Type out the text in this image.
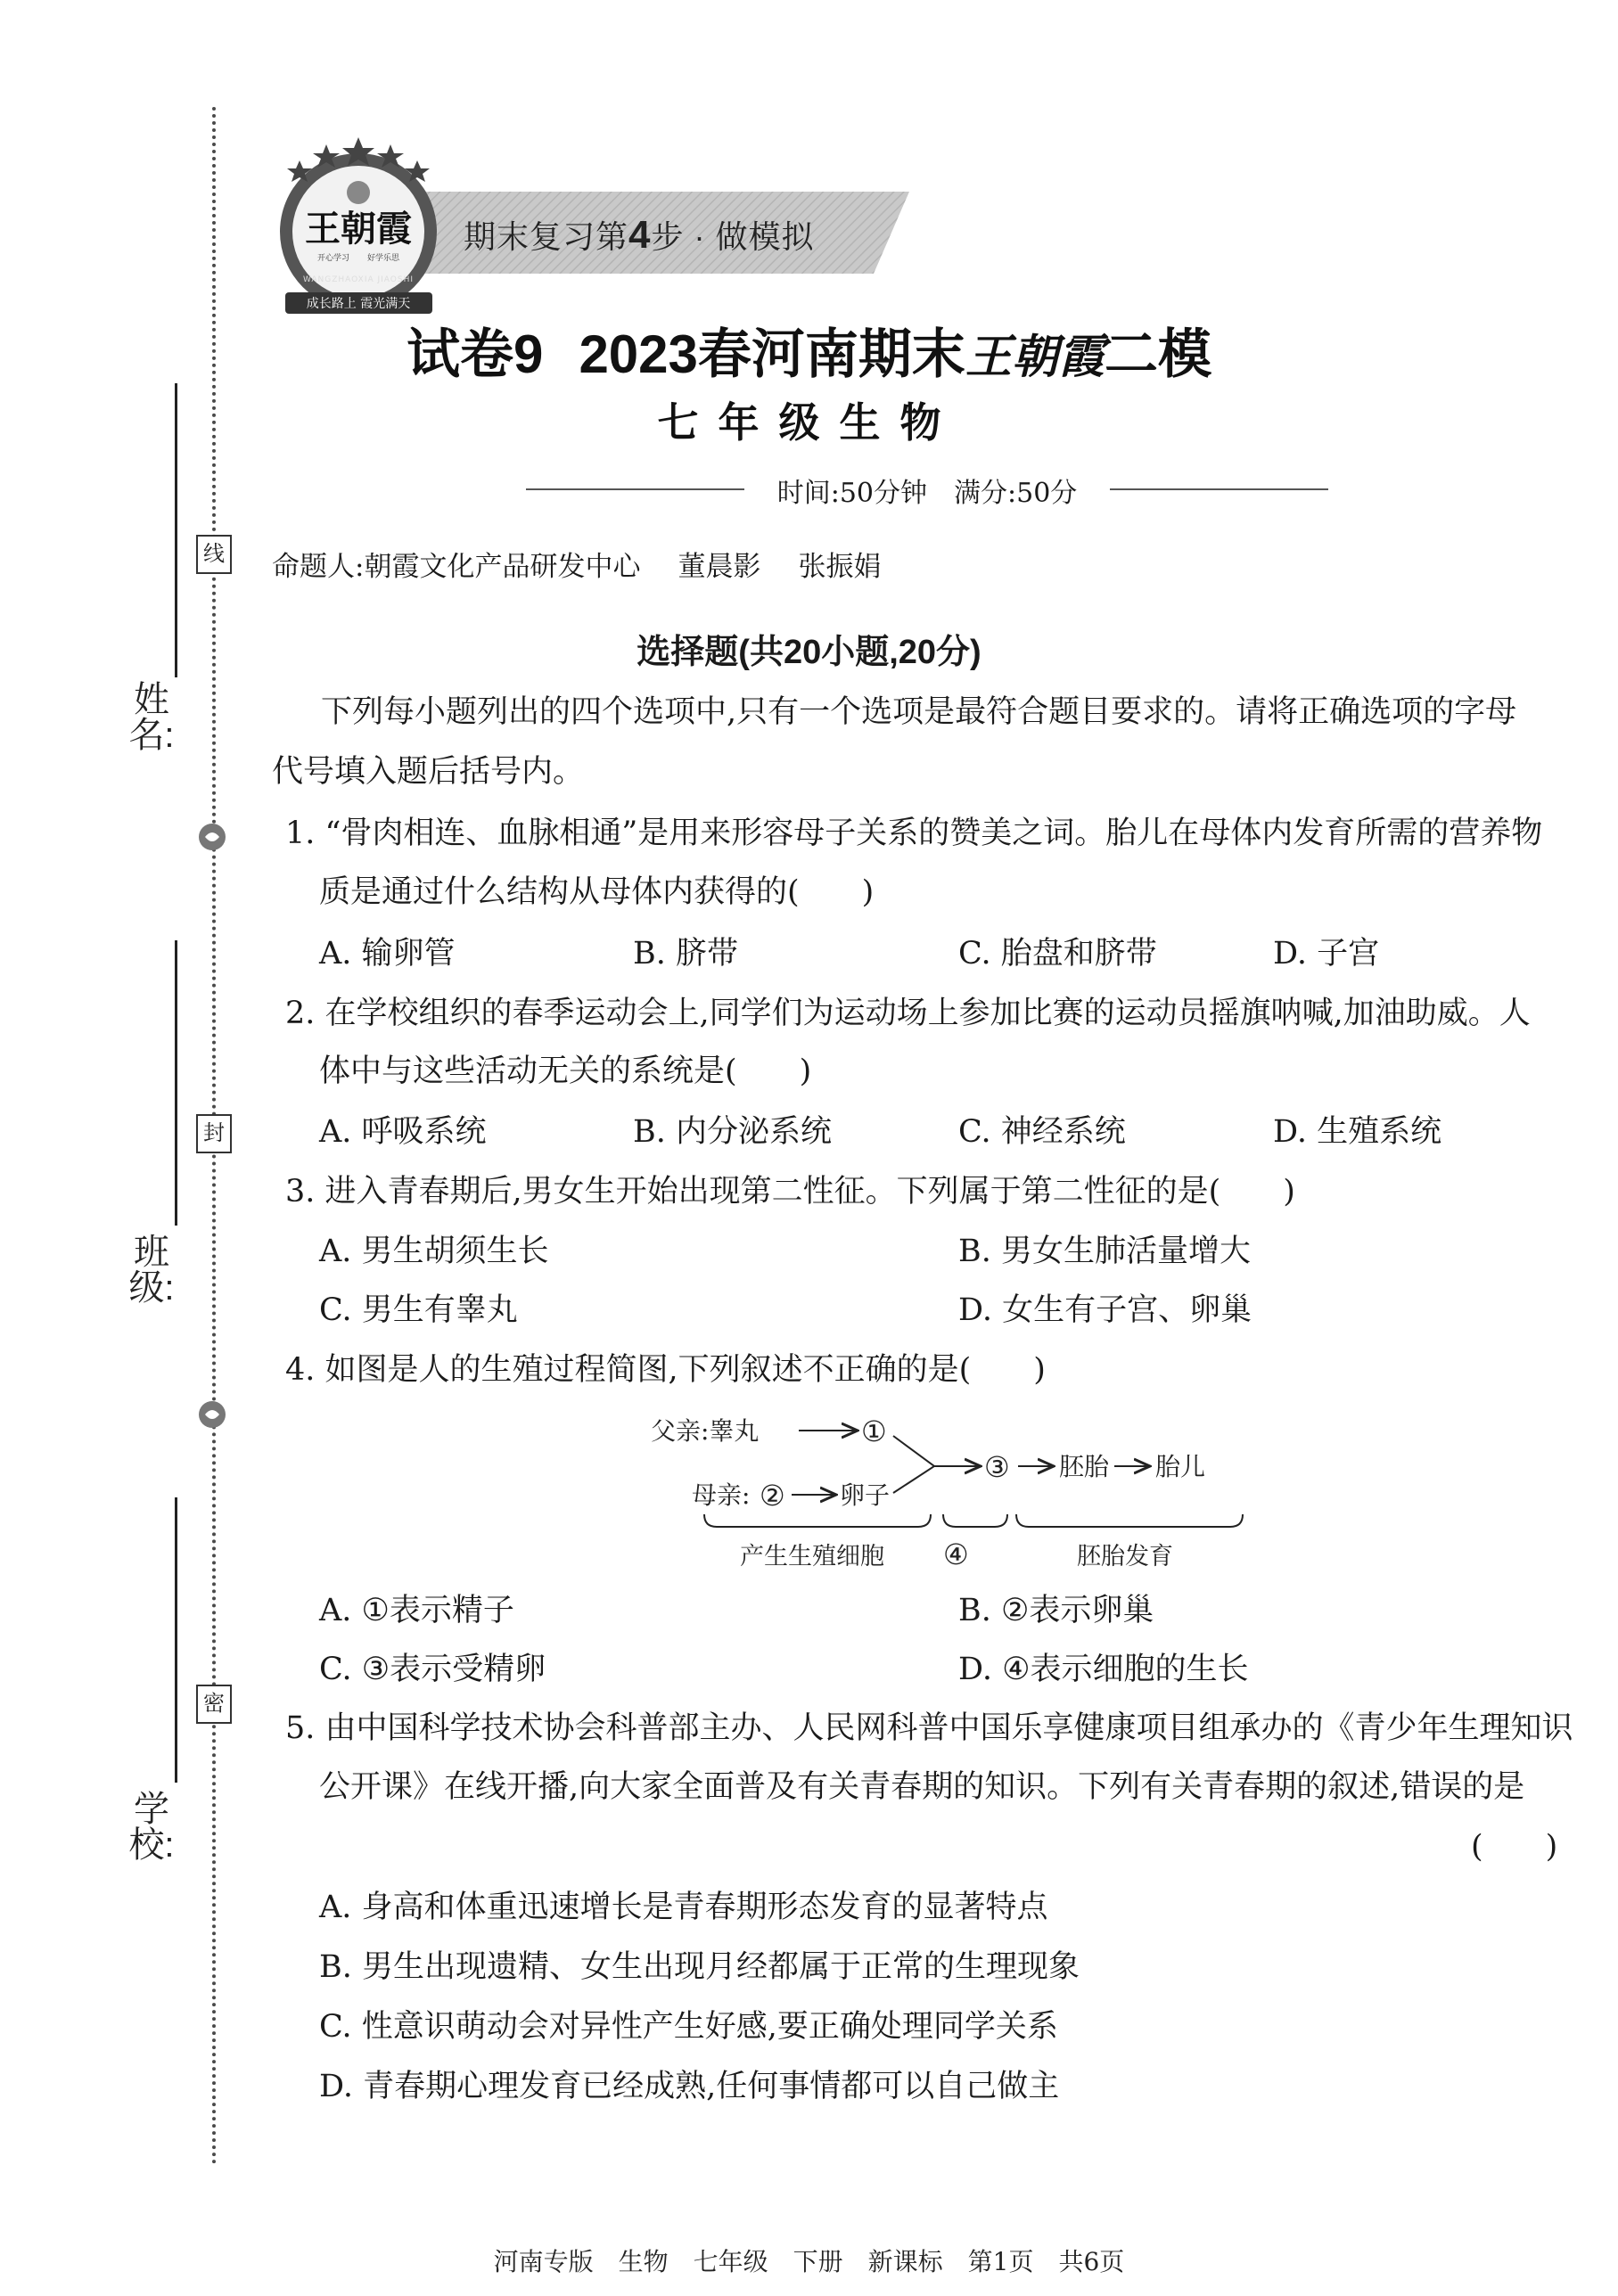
姓名:
线
班级:
封
学校:
密
期末复习第4步 · 做模拟
王朝霞
开心学习 好学乐思
WANGZHAOXIA JIAOSHI
成长路上 霞光满天
试卷9 2023春河南期末王朝霞二模
七年级生物
时间:50分钟　满分:50分
命题人:朝霞文化产品研发中心 董晨影 张振娟
选择题(共20小题,20分)
下列每小题列出的四个选项中,只有一个选项是最符合题目要求的。请将正确选项的字母
代号填入题后括号内。
1. “骨肉相连、血脉相通”是用来形容母子关系的赞美之词。胎儿在母体内发育所需的营养物
质是通过什么结构从母体内获得的(　　)
A. 输卵管	B. 脐带	C. 胎盘和脐带	D. 子宫
2. 在学校组织的春季运动会上,同学们为运动场上参加比赛的运动员摇旗呐喊,加油助威。人
体中与这些活动无关的系统是(　　)
A. 呼吸系统	B. 内分泌系统	C. 神经系统	D. 生殖系统
3. 进入青春期后,男女生开始出现第二性征。下列属于第二性征的是(　　)
A. 男生胡须生长	B. 男女生肺活量增大
C. 男生有睾丸	D. 女生有子宫、卵巢
4. 如图是人的生殖过程简图,下列叙述不正确的是(　　)
父亲:睾丸	①
母亲: ② 卵子
③ 胚胎 胎儿
产生生殖细胞 ④	胚胎发育
A. ①表示精子	B. ②表示卵巢
C. ③表示受精卵	D. ④表示细胞的生长
5. 由中国科学技术协会科普部主办、人民网科普中国乐享健康项目组承办的《青少年生理知识
公开课》在线开播,向大家全面普及有关青春期的知识。下列有关青春期的叙述,错误的是
(　　)
A. 身高和体重迅速增长是青春期形态发育的显著特点
B. 男生出现遗精、女生出现月经都属于正常的生理现象
C. 性意识萌动会对异性产生好感,要正确处理同学关系
D. 青春期心理发育已经成熟,任何事情都可以自己做主
河南专版　生物　七年级　下册　新课标　第1页　共6页
